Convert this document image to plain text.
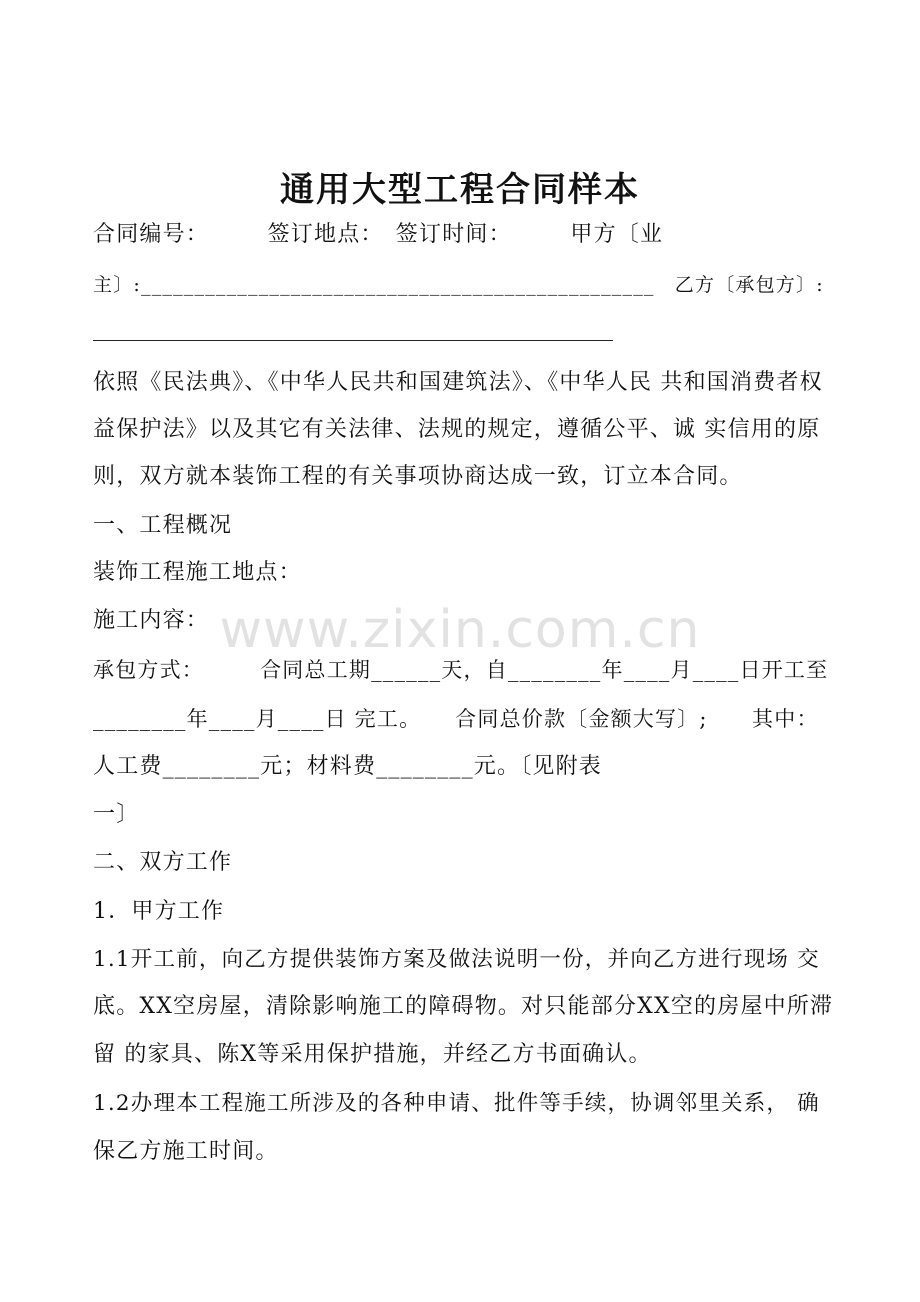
通用大型工程合同样本
合同编号：　　　签订地点：　签订时间：　　　甲方〔业
主〕:________________________________________________　乙方〔承包方〕:
依照《民法典》、《中华人民共和国建筑法》、《中华人民 共和国消费者权
益保护法》以及其它有关法律、法规的规定，遵循公平、诚 实信用的原
则，双方就本装饰工程的有关事项协商达成一致，订立本合同。
一、工程概况
装饰工程施工地点：
施工内容：
承包方式：　　　合同总工期______天，自________年____月____日开工至
________年____月____日 完工。　　合同总价款〔金额大写〕;　　其中：
人工费________元；材料费________元。〔见附表
一〕
二、双方工作
1．甲方工作
1.1开工前，向乙方提供装饰方案及做法说明一份，并向乙方进行现场 交
底。XX空房屋，清除影响施工的障碍物。对只能部分XX空的房屋中所滞
留 的家具、陈X等采用保护措施，并经乙方书面确认。
1.2办理本工程施工所涉及的各种申请、批件等手续，协调邻里关系， 确
保乙方施工时间。
www.zixin.com.cn
